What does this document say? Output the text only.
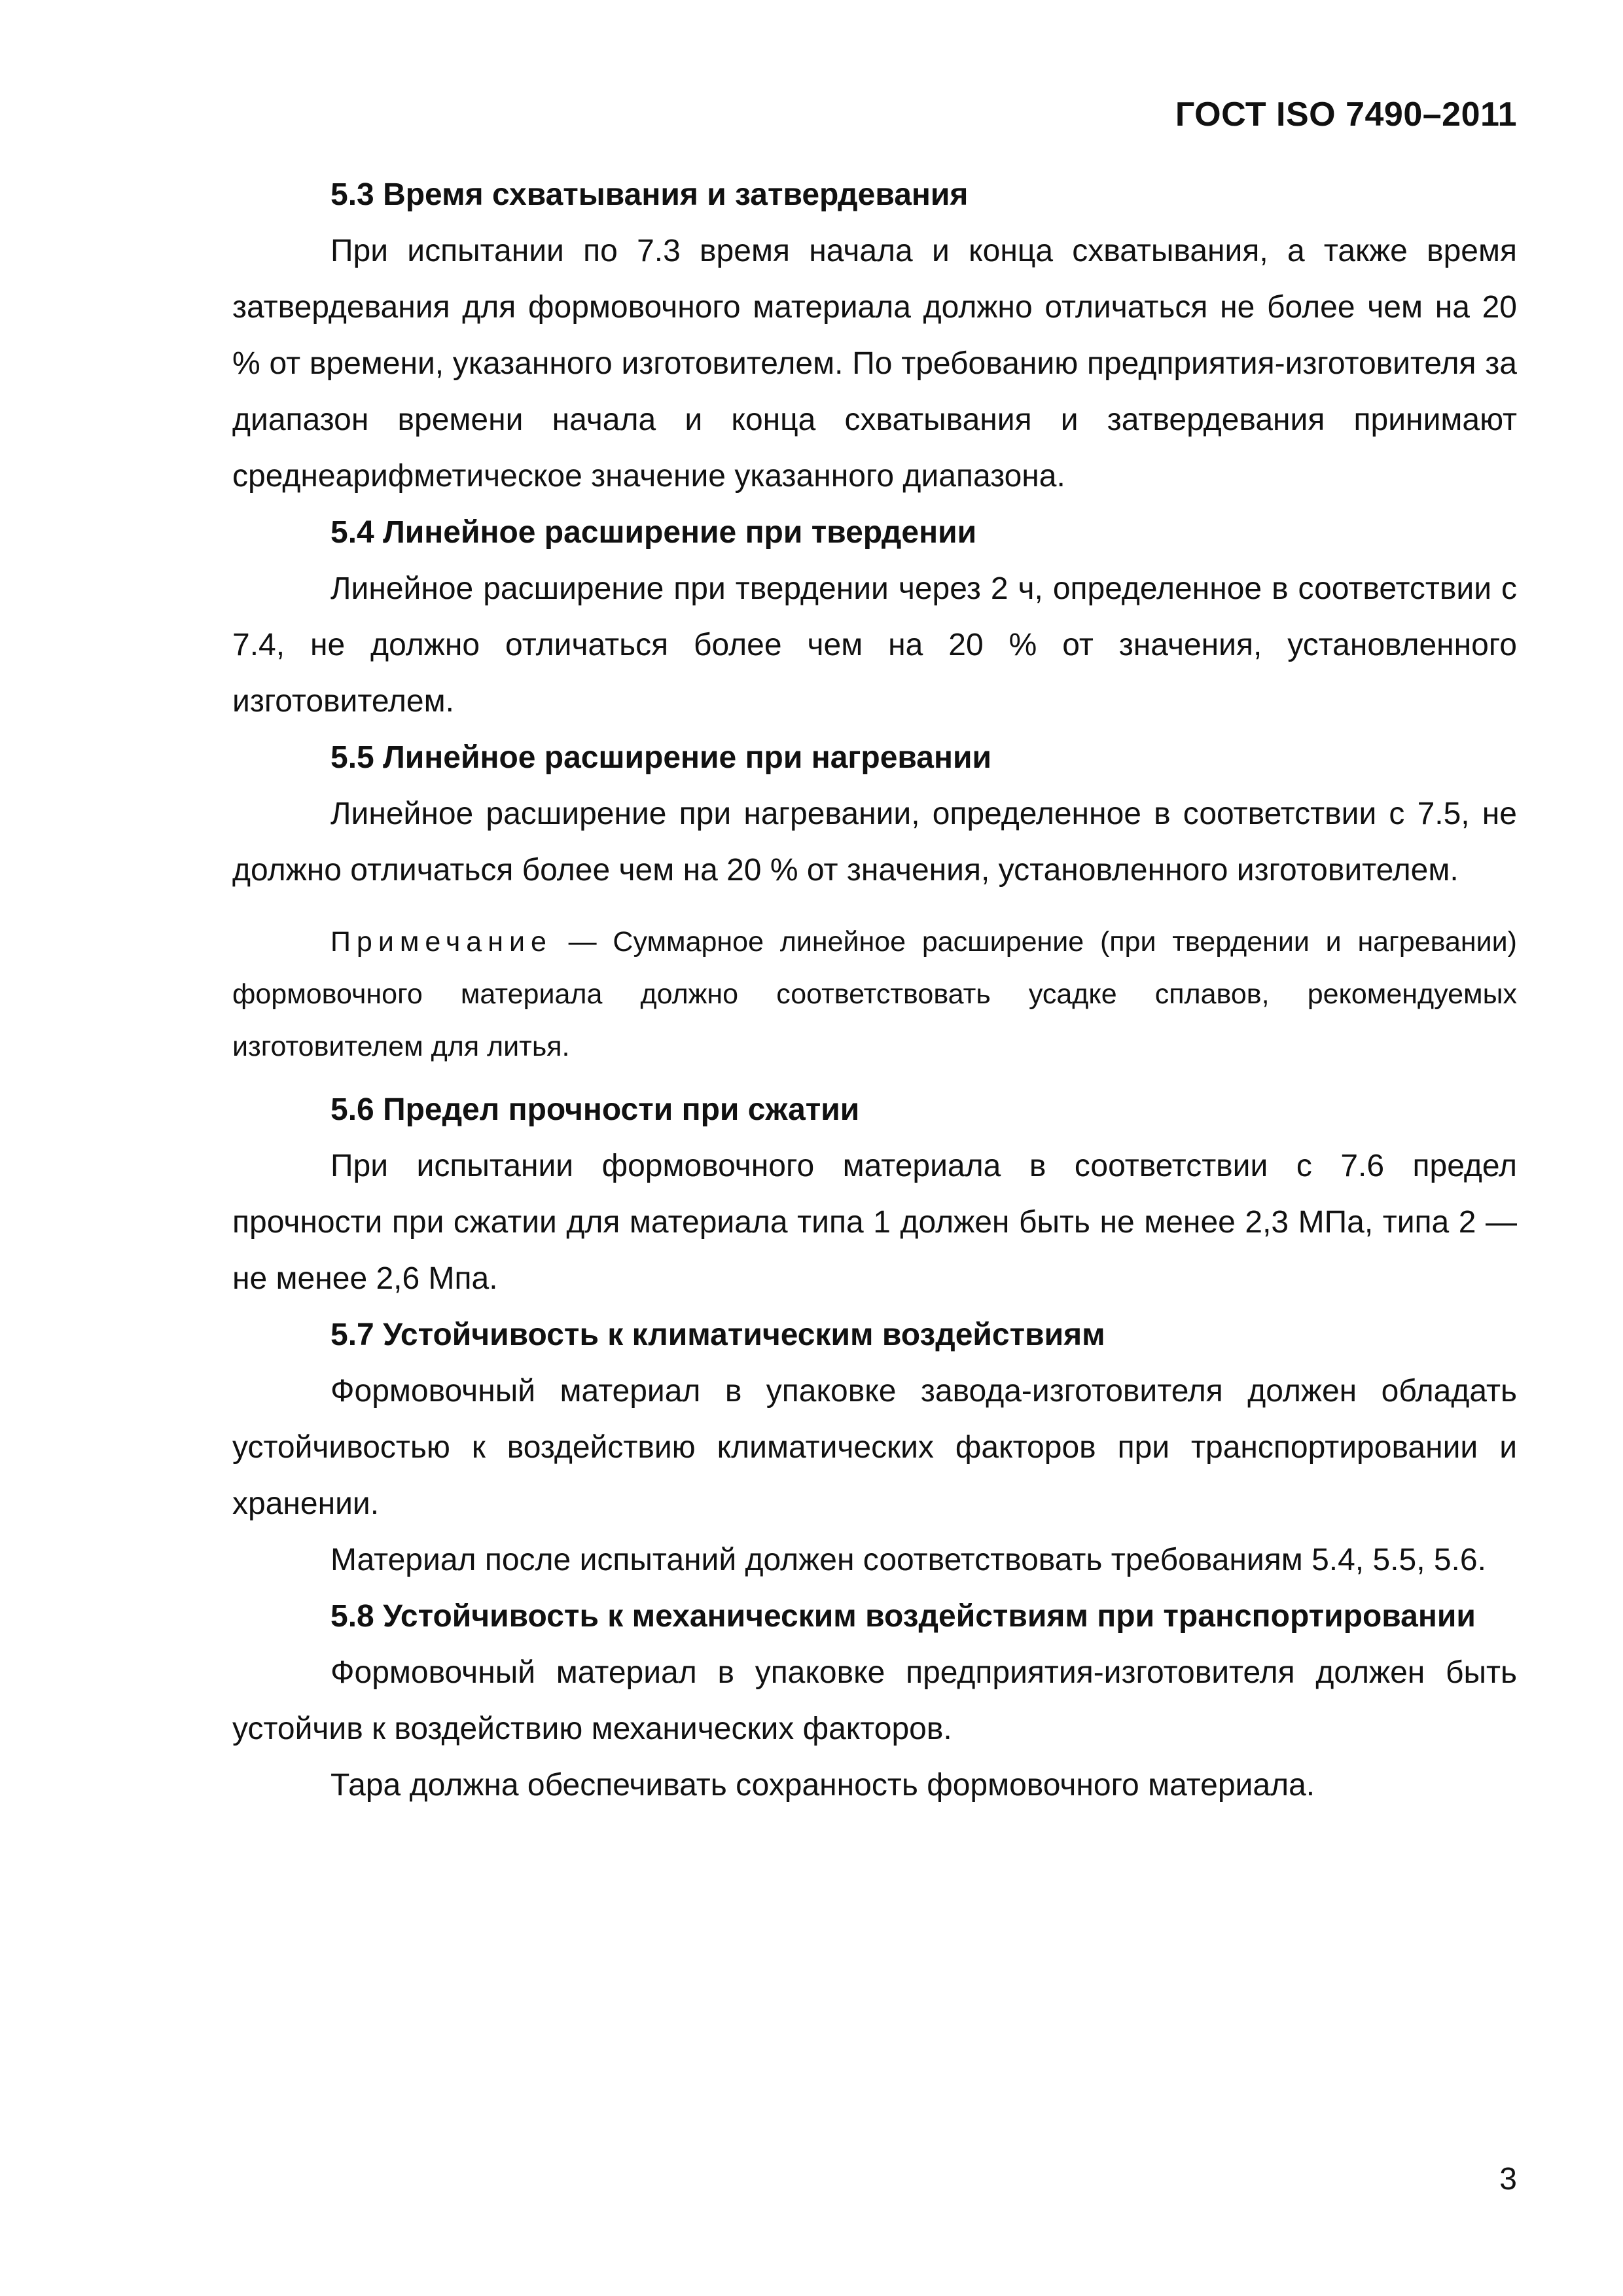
ГОСТ ISO 7490–2011

5.3 Время схватывания и затвердевания

При испытании по 7.3 время начала и конца схватывания, а также время затвердевания для формовочного материала должно отличаться не более чем на 20 % от времени, указанного изготовителем. По требованию предприятия-изготовителя за диапазон времени начала и конца схватывания и затвердевания принимают среднеарифметическое значение указанного диапазона.

5.4 Линейное расширение при твердении

Линейное расширение при твердении через 2 ч, определенное в соответствии с 7.4, не должно отличаться более чем на 20 % от значения, установленного изготовителем.

5.5 Линейное расширение при нагревании

Линейное расширение при нагревании, определенное в соответствии с 7.5, не должно отличаться более чем на 20 % от значения, установленного изготовителем.

Примечание — Суммарное линейное расширение (при твердении и нагревании) формовочного материала должно соответствовать усадке сплавов, рекомендуемых изготовителем для литья.

5.6 Предел прочности при сжатии

При испытании формовочного материала в соответствии с 7.6 предел прочности при сжатии для материала типа 1 должен быть не менее 2,3 МПа, типа 2 — не менее 2,6 Мпа.

5.7 Устойчивость к климатическим воздействиям

Формовочный материал в упаковке завода-изготовителя должен обладать устойчивостью к воздействию климатических факторов при транспортировании и хранении.

Материал после испытаний должен соответствовать требованиям 5.4, 5.5, 5.6.

5.8 Устойчивость к механическим воздействиям при транспортировании

Формовочный материал в упаковке предприятия-изготовителя должен быть устойчив к воздействию механических факторов.

Тара должна обеспечивать сохранность формовочного материала.

3
